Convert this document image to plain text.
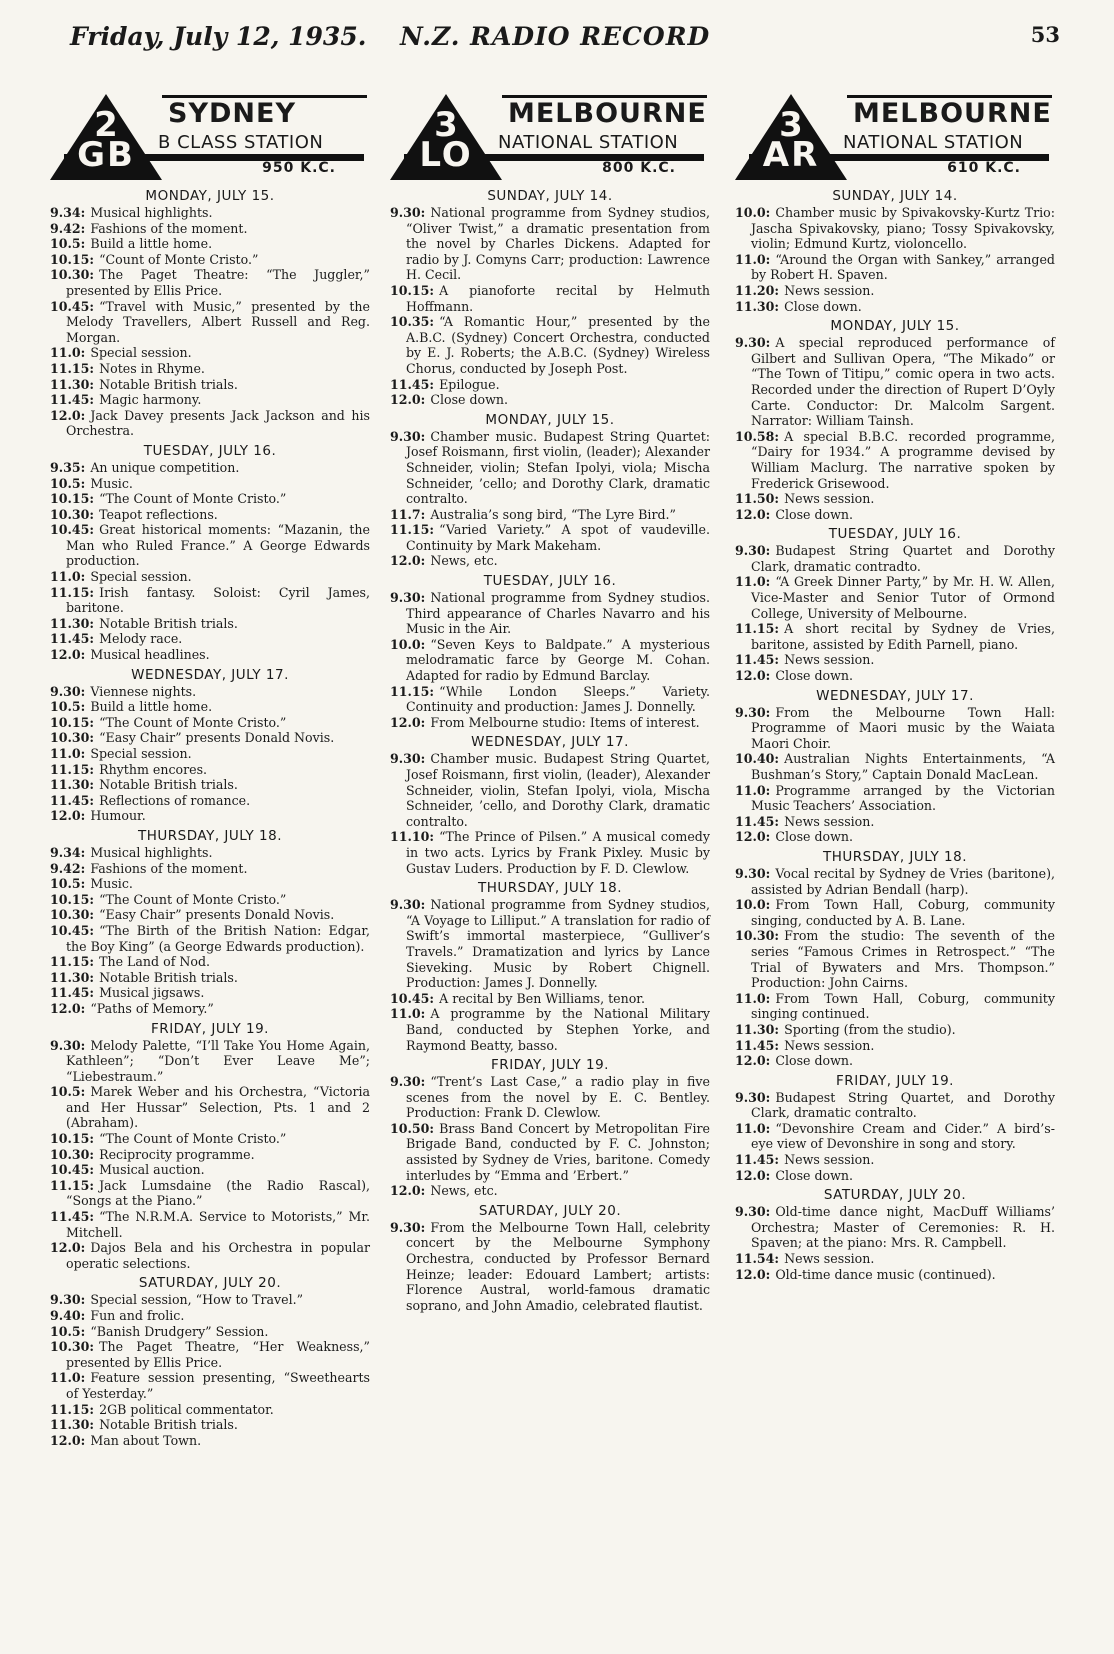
Friday, July 12, 1935. N.Z. RADIO RECORD	53
2
GB
SYDNEY
B CLASS STATION
950 K.C.
MONDAY, JULY 15.
9.34: Musical highlights.
9.42: Fashions of the moment.
10.5: Build a little home.
10.15: “Count of Monte Cristo.”
10.30: The Paget Theatre: “The Juggler,” presented by Ellis Price.
10.45: “Travel with Music,” presented by the Melody Travellers, Albert Russell and Reg. Morgan.
11.0: Special session.
11.15: Notes in Rhyme.
11.30: Notable British trials.
11.45: Magic harmony.
12.0: Jack Davey presents Jack Jackson and his Orchestra.
TUESDAY, JULY 16.
9.35: An unique competition.
10.5: Music.
10.15: “The Count of Monte Cristo.”
10.30: Teapot reflections.
10.45: Great historical moments: “Mazanin, the Man who Ruled France.” A George Edwards production.
11.0: Special session.
11.15: Irish fantasy. Soloist: Cyril James, baritone.
11.30: Notable British trials.
11.45: Melody race.
12.0: Musical headlines.
WEDNESDAY, JULY 17.
9.30: Viennese nights.
10.5: Build a little home.
10.15: “The Count of Monte Cristo.”
10.30: “Easy Chair” presents Donald Novis.
11.0: Special session.
11.15: Rhythm encores.
11.30: Notable British trials.
11.45: Reflections of romance.
12.0: Humour.
THURSDAY, JULY 18.
9.34: Musical highlights.
9.42: Fashions of the moment.
10.5: Music.
10.15: “The Count of Monte Cristo.”
10.30: “Easy Chair” presents Donald Novis.
10.45: “The Birth of the British Nation: Edgar, the Boy King” (a George Edwards production).
11.15: The Land of Nod.
11.30: Notable British trials.
11.45: Musical jigsaws.
12.0: “Paths of Memory.”
FRIDAY, JULY 19.
9.30: Melody Palette, “I’ll Take You Home Again, Kathleen”; “Don’t Ever Leave Me”; “Liebestraum.”
10.5: Marek Weber and his Orchestra, “Victoria and Her Hussar” Selection, Pts. 1 and 2 (Abraham).
10.15: “The Count of Monte Cristo.”
10.30: Reciprocity programme.
10.45: Musical auction.
11.15: Jack Lumsdaine (the Radio Rascal), “Songs at the Piano.”
11.45: “The N.R.M.A. Service to Motorists,” Mr. Mitchell.
12.0: Dajos Bela and his Orchestra in popular operatic selections.
SATURDAY, JULY 20.
9.30: Special session, “How to Travel.”
9.40: Fun and frolic.
10.5: “Banish Drudgery” Session.
10.30: The Paget Theatre, “Her Weakness,” presented by Ellis Price.
11.0: Feature session presenting, “Sweethearts of Yesterday.”
11.15: 2GB political commentator.
11.30: Notable British trials.
12.0: Man about Town.
3
LO
MELBOURNE
NATIONAL STATION
800 K.C.
SUNDAY, JULY 14.
9.30: National programme from Sydney studios, “Oliver Twist,” a dramatic presentation from the novel by Charles Dickens. Adapted for radio by J. Comyns Carr; production: Lawrence H. Cecil.
10.15: A pianoforte recital by Helmuth Hoffmann.
10.35: “A Romantic Hour,” presented by the A.B.C. (Sydney) Concert Orchestra, conducted by E. J. Roberts; the A.B.C. (Sydney) Wireless Chorus, conducted by Joseph Post.
11.45: Epilogue.
12.0: Close down.
MONDAY, JULY 15.
9.30: Chamber music. Budapest String Quartet: Josef Roismann, first violin, (leader); Alexander Schneider, violin; Stefan Ipolyi, viola; Mischa Schneider, ’cello; and Dorothy Clark, dramatic contralto.
11.7: Australia’s song bird, “The Lyre Bird.”
11.15: “Varied Variety.” A spot of vaudeville. Continuity by Mark Makeham.
12.0: News, etc.
TUESDAY, JULY 16.
9.30: National programme from Sydney studios. Third appearance of Charles Navarro and his Music in the Air.
10.0: “Seven Keys to Baldpate.” A mysterious melodramatic farce by George M. Cohan. Adapted for radio by Edmund Barclay.
11.15: “While London Sleeps.” Variety. Continuity and production: James J. Donnelly.
12.0: From Melbourne studio: Items of interest.
WEDNESDAY, JULY 17.
9.30: Chamber music. Budapest String Quartet, Josef Roismann, first violin, (leader), Alexander Schneider, violin, Stefan Ipolyi, viola, Mischa Schneider, ’cello, and Dorothy Clark, dramatic contralto.
11.10: “The Prince of Pilsen.” A musical comedy in two acts. Lyrics by Frank Pixley. Music by Gustav Luders. Production by F. D. Clewlow.
THURSDAY, JULY 18.
9.30: National programme from Sydney studios, “A Voyage to Lilliput.” A translation for radio of Swift’s immortal masterpiece, “Gulliver’s Travels.” Dramatization and lyrics by Lance Sieveking. Music by Robert Chignell. Production: James J. Donnelly.
10.45: A recital by Ben Williams, tenor.
11.0: A programme by the National Military Band, conducted by Stephen Yorke, and Raymond Beatty, basso.
FRIDAY, JULY 19.
9.30: “Trent’s Last Case,” a radio play in five scenes from the novel by E. C. Bentley. Production: Frank D. Clewlow.
10.50: Brass Band Concert by Metropolitan Fire Brigade Band, conducted by F. C. Johnston; assisted by Sydney de Vries, baritone. Comedy interludes by “Emma and ’Erbert.”
12.0: News, etc.
SATURDAY, JULY 20.
9.30: From the Melbourne Town Hall, celebrity concert by the Melbourne Symphony Orchestra, conducted by Professor Bernard Heinze; leader: Edouard Lambert; artists: Florence Austral, world-famous dramatic soprano, and John Amadio, celebrated flautist.
3
AR
MELBOURNE
NATIONAL STATION
610 K.C.
SUNDAY, JULY 14.
10.0: Chamber music by Spivakovsky-Kurtz Trio: Jascha Spivakovsky, piano; Tossy Spivakovsky, violin; Edmund Kurtz, violoncello.
11.0: “Around the Organ with Sankey,” arranged by Robert H. Spaven.
11.20: News session.
11.30: Close down.
MONDAY, JULY 15.
9.30: A special reproduced performance of Gilbert and Sullivan Opera, “The Mikado” or “The Town of Titipu,” comic opera in two acts. Recorded under the direction of Rupert D’Oyly Carte. Conductor: Dr. Malcolm Sargent. Narrator: William Tainsh.
10.58: A special B.B.C. recorded programme, “Dairy for 1934.” A programme devised by William Maclurg. The narrative spoken by Frederick Grisewood.
11.50: News session.
12.0: Close down.
TUESDAY, JULY 16.
9.30: Budapest String Quartet and Dorothy Clark, dramatic contradto.
11.0: “A Greek Dinner Party,” by Mr. H. W. Allen, Vice-Master and Senior Tutor of Ormond College, University of Melbourne.
11.15: A short recital by Sydney de Vries, baritone, assisted by Edith Parnell, piano.
11.45: News session.
12.0: Close down.
WEDNESDAY, JULY 17.
9.30: From the Melbourne Town Hall: Programme of Maori music by the Waiata Maori Choir.
10.40: Australian Nights Entertainments, “A Bushman’s Story,” Captain Donald MacLean.
11.0: Programme arranged by the Victorian Music Teachers’ Association.
11.45: News session.
12.0: Close down.
THURSDAY, JULY 18.
9.30: Vocal recital by Sydney de Vries (baritone), assisted by Adrian Bendall (harp).
10.0: From Town Hall, Coburg, community singing, conducted by A. B. Lane.
10.30: From the studio: The seventh of the series “Famous Crimes in Retrospect.” “The Trial of Bywaters and Mrs. Thompson.” Production: John Cairns.
11.0: From Town Hall, Coburg, community singing continued.
11.30: Sporting (from the studio).
11.45: News session.
12.0: Close down.
FRIDAY, JULY 19.
9.30: Budapest String Quartet, and Dorothy Clark, dramatic contralto.
11.0: “Devonshire Cream and Cider.” A bird’s-eye view of Devonshire in song and story.
11.45: News session.
12.0: Close down.
SATURDAY, JULY 20.
9.30: Old-time dance night, MacDuff Williams’ Orchestra; Master of Ceremonies: R. H. Spaven; at the piano: Mrs. R. Campbell.
11.54: News session.
12.0: Old-time dance music (continued).
